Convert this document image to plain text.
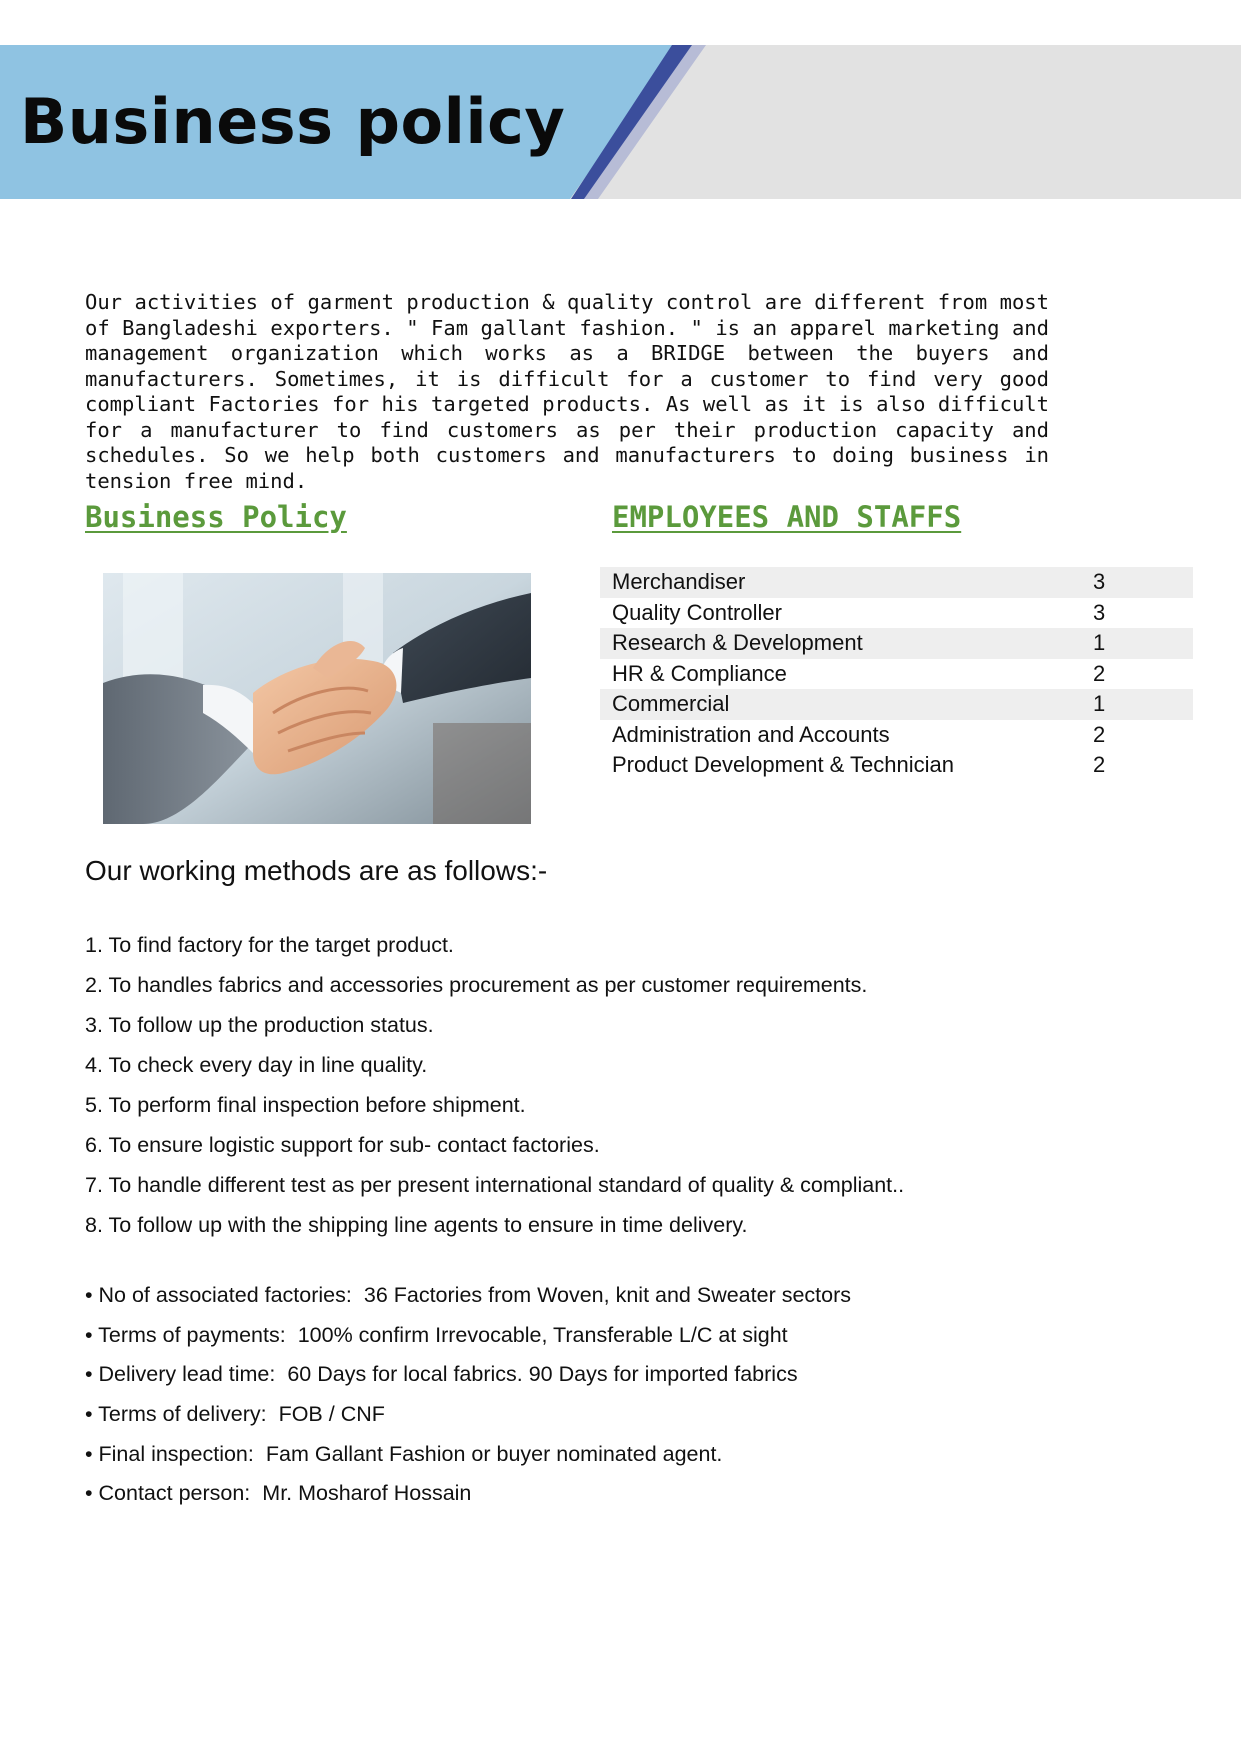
Business policy
Our activities of garment production & quality control are different from most of Bangladeshi exporters. " Fam gallant fashion. " is an apparel marketing and management organization which works as a BRIDGE between the buyers and manufacturers. Sometimes, it is difficult for a customer to find very good compliant Factories for his targeted products. As well as it is also difficult for a manufacturer to find customers as per their production capacity and schedules. So we help both customers and manufacturers to doing business in tension free mind.
Business Policy	EMPLOYEES AND STAFFS
Merchandiser	3
Quality Controller	3
Research & Development	1
HR & Compliance	2
Commercial	1
Administration and Accounts	2
Product Development & Technician	2
Our working methods are as follows:-
1. To find factory for the target product.
2. To handles fabrics and accessories procurement as per customer requirements.
3. To follow up the production status.
4. To check every day in line quality.
5. To perform final inspection before shipment.
6. To ensure logistic support for sub- contact factories.
7. To handle different test as per present international standard of quality & compliant..
8. To follow up with the shipping line agents to ensure in time delivery.
• No of associated factories: 36 Factories from Woven, knit and Sweater sectors
• Terms of payments: 100% confirm Irrevocable, Transferable L/C at sight
• Delivery lead time: 60 Days for local fabrics. 90 Days for imported fabrics
• Terms of delivery: FOB / CNF
• Final inspection: Fam Gallant Fashion or buyer nominated agent.
• Contact person: Mr. Mosharof Hossain
